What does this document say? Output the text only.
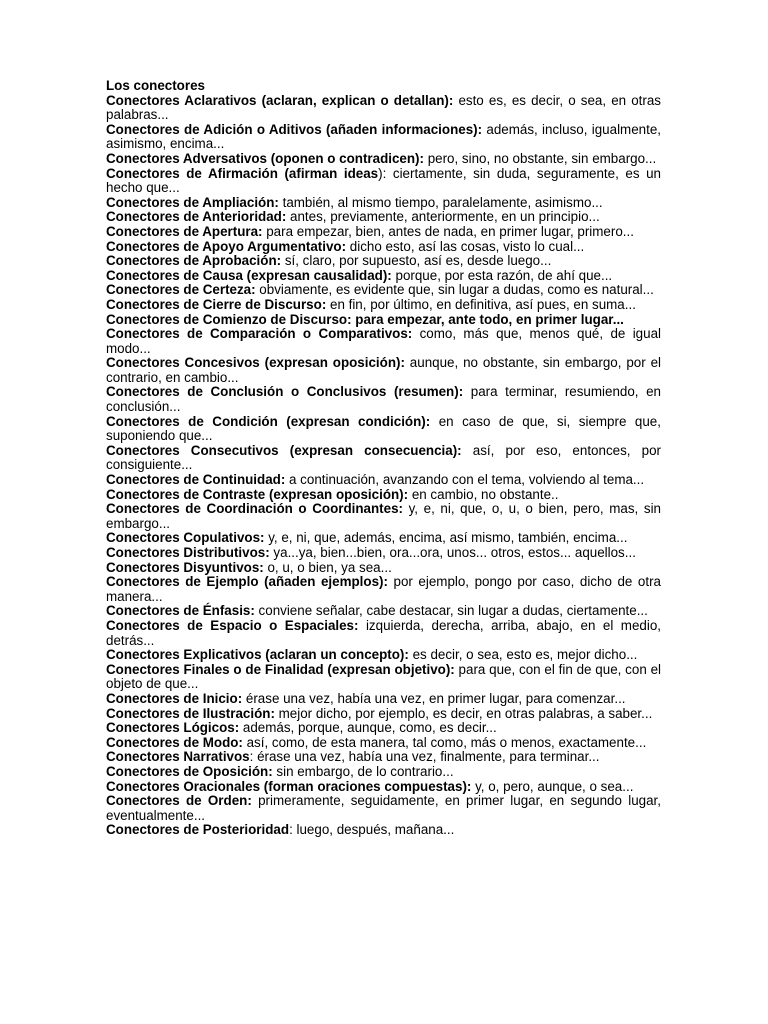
Los conectores

Conectores Aclarativos (aclaran, explican o detallan): esto es, es decir, o sea, en otras palabras...

Conectores de Adición o Aditivos (añaden informaciones): además, incluso, igualmente, asimismo, encima...

Conectores Adversativos (oponen o contradicen): pero, sino, no obstante, sin embargo...

Conectores de Afirmación (afirman ideas): ciertamente, sin duda, seguramente, es un hecho que...

Conectores de Ampliación: también, al mismo tiempo, paralelamente, asimismo...

Conectores de Anterioridad: antes, previamente, anteriormente, en un principio...

Conectores de Apertura: para empezar, bien, antes de nada, en primer lugar, primero...

Conectores de Apoyo Argumentativo: dicho esto, así las cosas, visto lo cual...

Conectores de Aprobación: sí, claro, por supuesto, así es, desde luego...

Conectores de Causa (expresan causalidad): porque, por esta razón, de ahí que...

Conectores de Certeza: obviamente, es evidente que, sin lugar a dudas, como es natural...

Conectores de Cierre de Discurso: en fin, por último, en definitiva, así pues, en suma...

Conectores de Comienzo de Discurso: para empezar, ante todo, en primer lugar...

Conectores de Comparación o Comparativos: como, más que, menos qué, de igual modo...

Conectores Concesivos (expresan oposición): aunque, no obstante, sin embargo, por el contrario, en cambio...

Conectores de Conclusión o Conclusivos (resumen): para terminar, resumiendo, en conclusión...

Conectores de Condición (expresan condición): en caso de que, si, siempre que, suponiendo que...

Conectores Consecutivos (expresan consecuencia): así, por eso, entonces, por consiguiente...

Conectores de Continuidad: a continuación, avanzando con el tema, volviendo al tema...

Conectores de Contraste (expresan oposición): en cambio, no obstante..

Conectores de Coordinación o Coordinantes: y, e, ni, que, o, u, o bien, pero, mas, sin embargo...

Conectores Copulativos: y, e, ni, que, además, encima, así mismo, también, encima...

Conectores Distributivos: ya...ya, bien...bien, ora...ora, unos... otros, estos... aquellos...

Conectores Disyuntivos: o, u, o bien, ya sea...

Conectores de Ejemplo (añaden ejemplos): por ejemplo, pongo por caso, dicho de otra manera...

Conectores de Énfasis: conviene señalar, cabe destacar, sin lugar a dudas, ciertamente...

Conectores de Espacio o Espaciales: izquierda, derecha, arriba, abajo, en el medio, detrás...

Conectores Explicativos (aclaran un concepto): es decir, o sea, esto es, mejor dicho...

Conectores Finales o de Finalidad (expresan objetivo): para que, con el fin de que, con el objeto de que...

Conectores de Inicio: érase una vez, había una vez, en primer lugar, para comenzar...

Conectores de Ilustración: mejor dicho, por ejemplo, es decir, en otras palabras, a saber...

Conectores Lógicos: además, porque, aunque, como, es decir...

Conectores de Modo: así, como, de esta manera, tal como, más o menos, exactamente...

Conectores Narrativos: érase una vez, había una vez, finalmente, para terminar...

Conectores de Oposición: sin embargo, de lo contrario...

Conectores Oracionales (forman oraciones compuestas): y, o, pero, aunque, o sea...

Conectores de Orden: primeramente, seguidamente, en primer lugar, en segundo lugar, eventualmente...

Conectores de Posterioridad: luego, después, mañana...
